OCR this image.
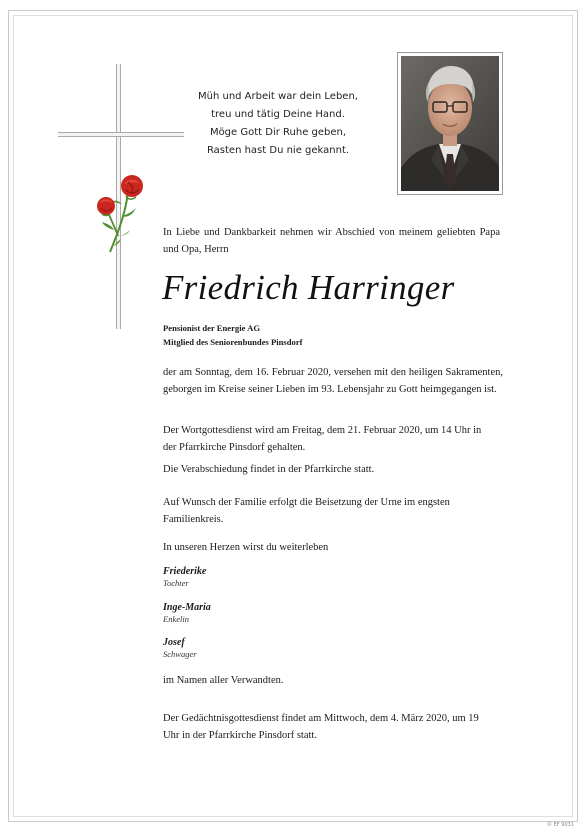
Müh und Arbeit war dein Leben,
treu und tätig Deine Hand.
Möge Gott Dir Ruhe geben,
Rasten hast Du nie gekannt.
In Liebe und Dankbarkeit nehmen wir Abschied von meinem geliebten Papa und Opa, Herrn
Friedrich Harringer
Pensionist der Energie AG
Mitglied des Seniorenbundes Pinsdorf
der am Sonntag, dem 16. Februar 2020, versehen mit den heiligen Sakramenten, geborgen im Kreise seiner Lieben im 93. Lebensjahr zu Gott heimgegangen ist.
Der Wortgottesdienst wird am Freitag, dem 21. Februar 2020, um 14 Uhr in der Pfarrkirche Pinsdorf gehalten.
Die Verabschiedung findet in der Pfarrkirche statt.
Auf Wunsch der Familie erfolgt die Beisetzung der Urne im engsten Familienkreis.
In unseren Herzen wirst du weiterleben
Friederike
Tochter
Inge-Maria
Enkelin
Josef
Schwager
im Namen aller Verwandten.
Der Gedächtnisgottesdienst findet am Mittwoch, dem 4. März 2020, um 19 Uhr in der Pfarrkirche Pinsdorf statt.
© EF 9031
